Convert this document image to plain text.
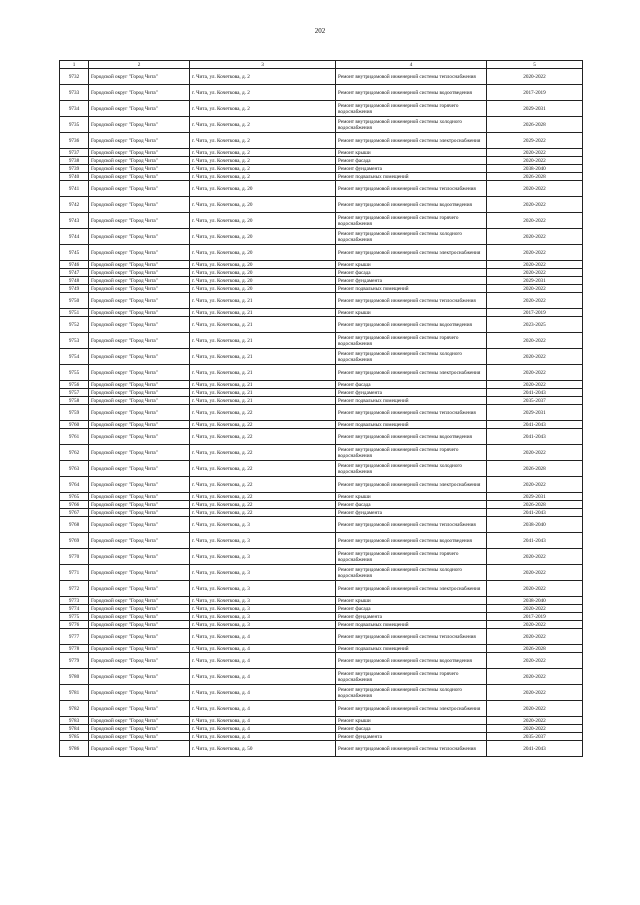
202
1	2	3	4	5
9732	Городской округ "Город Чита"	г. Чита, ул. Кочеткова, д. 2	Ремонт внутридомовой инженерной системы теплоснабжения	2020-2022
9733	Городской округ "Город Чита"	г. Чита, ул. Кочеткова, д. 2	Ремонт внутридомовой инженерной системы водоотведения	2017-2019
9734	Городской округ "Город Чита"	г. Чита, ул. Кочеткова, д. 2	Ремонт внутридомовой инженерной системы горячего водоснабжения	2029-2031
9735	Городской округ "Город Чита"	г. Чита, ул. Кочеткова, д. 2	Ремонт внутридомовой инженерной системы холодного водоснабжения	2026-2028
9736	Городской округ "Город Чита"	г. Чита, ул. Кочеткова, д. 2	Ремонт внутридомовой инженерной системы электроснабжения	2029-2022
9737	Городской округ "Город Чита"	г. Чита, ул. Кочеткова, д. 2	Ремонт крыши	2020-2022
9738	Городской округ "Город Чита"	г. Чита, ул. Кочеткова, д. 2	Ремонт фасада	2020-2022
9739	Городской округ "Город Чита"	г. Чита, ул. Кочеткова, д. 2	Ремонт фундамента	2038-2040
9740	Городской округ "Город Чита"	г. Чита, ул. Кочеткова, д. 2	Ремонт подвальных помещений	2026-2028
9741	Городской округ "Город Чита"	г. Чита, ул. Кочеткова, д. 20	Ремонт внутридомовой инженерной системы теплоснабжения	2020-2022
9742	Городской округ "Город Чита"	г. Чита, ул. Кочеткова, д. 20	Ремонт внутридомовой инженерной системы водоотведения	2020-2022
9743	Городской округ "Город Чита"	г. Чита, ул. Кочеткова, д. 20	Ремонт внутридомовой инженерной системы горячего водоснабжения	2020-2022
9744	Городской округ "Город Чита"	г. Чита, ул. Кочеткова, д. 20	Ремонт внутридомовой инженерной системы холодного водоснабжения	2020-2022
9745	Городской округ "Город Чита"	г. Чита, ул. Кочеткова, д. 20	Ремонт внутридомовой инженерной системы электроснабжения	2020-2022
9746	Городской округ "Город Чита"	г. Чита, ул. Кочеткова, д. 20	Ремонт крыши	2020-2022
9747	Городской округ "Город Чита"	г. Чита, ул. Кочеткова, д. 20	Ремонт фасада	2020-2022
9748	Городской округ "Город Чита"	г. Чита, ул. Кочеткова, д. 20	Ремонт фундамента	2029-2031
9749	Городской округ "Город Чита"	г. Чита, ул. Кочеткова, д. 20	Ремонт подвальных помещений	2020-2022
9750	Городской округ "Город Чита"	г. Чита, ул. Кочеткова, д. 21	Ремонт внутридомовой инженерной системы теплоснабжения	2020-2022
9751	Городской округ "Город Чита"	г. Чита, ул. Кочеткова, д. 21	Ремонт крыши	2017-2019
9752	Городской округ "Город Чита"	г. Чита, ул. Кочеткова, д. 21	Ремонт внутридомовой инженерной системы водоотведения	2023-2025
9753	Городской округ "Город Чита"	г. Чита, ул. Кочеткова, д. 21	Ремонт внутридомовой инженерной системы горячего водоснабжения	2020-2022
9754	Городской округ "Город Чита"	г. Чита, ул. Кочеткова, д. 21	Ремонт внутридомовой инженерной системы холодного водоснабжения	2020-2022
9755	Городской округ "Город Чита"	г. Чита, ул. Кочеткова, д. 21	Ремонт внутридомовой инженерной системы электроснабжения	2020-2022
9756	Городской округ "Город Чита"	г. Чита, ул. Кочеткова, д. 21	Ремонт фасада	2020-2022
9757	Городской округ "Город Чита"	г. Чита, ул. Кочеткова, д. 21	Ремонт фундамента	2041-2043
9758	Городской округ "Город Чита"	г. Чита, ул. Кочеткова, д. 21	Ремонт подвальных помещений	2035-2037
9759	Городской округ "Город Чита"	г. Чита, ул. Кочеткова, д. 22	Ремонт внутридомовой инженерной системы теплоснабжения	2029-2031
9760	Городской округ "Город Чита"	г. Чита, ул. Кочеткова, д. 22	Ремонт подвальных помещений	2041-2043
9761	Городской округ "Город Чита"	г. Чита, ул. Кочеткова, д. 22	Ремонт внутридомовой инженерной системы водоотведения	2041-2043
9762	Городской округ "Город Чита"	г. Чита, ул. Кочеткова, д. 22	Ремонт внутридомовой инженерной системы горячего водоснабжения	2020-2022
9763	Городской округ "Город Чита"	г. Чита, ул. Кочеткова, д. 22	Ремонт внутридомовой инженерной системы холодного водоснабжения	2026-2028
9764	Городской округ "Город Чита"	г. Чита, ул. Кочеткова, д. 22	Ремонт внутридомовой инженерной системы электроснабжения	2020-2022
9765	Городской округ "Город Чита"	г. Чита, ул. Кочеткова, д. 22	Ремонт крыши	2029-2031
9766	Городской округ "Город Чита"	г. Чита, ул. Кочеткова, д. 22	Ремонт фасада	2026-2028
9767	Городской округ "Город Чита"	г. Чита, ул. Кочеткова, д. 22	Ремонт фундамента	2041-2043
9768	Городской округ "Город Чита"	г. Чита, ул. Кочеткова, д. 3	Ремонт внутридомовой инженерной системы теплоснабжения	2038-2040
9769	Городской округ "Город Чита"	г. Чита, ул. Кочеткова, д. 3	Ремонт внутридомовой инженерной системы водоотведения	2041-2043
9770	Городской округ "Город Чита"	г. Чита, ул. Кочеткова, д. 3	Ремонт внутридомовой инженерной системы горячего водоснабжения	2020-2022
9771	Городской округ "Город Чита"	г. Чита, ул. Кочеткова, д. 3	Ремонт внутридомовой инженерной системы холодного водоснабжения	2020-2022
9772	Городской округ "Город Чита"	г. Чита, ул. Кочеткова, д. 3	Ремонт внутридомовой инженерной системы электроснабжения	2020-2022
9773	Городской округ "Город Чита"	г. Чита, ул. Кочеткова, д. 3	Ремонт крыши	2038-2040
9774	Городской округ "Город Чита"	г. Чита, ул. Кочеткова, д. 3	Ремонт фасада	2020-2022
9775	Городской округ "Город Чита"	г. Чита, ул. Кочеткова, д. 3	Ремонт фундамента	2017-2019
9776	Городской округ "Город Чита"	г. Чита, ул. Кочеткова, д. 3	Ремонт подвальных помещений	2020-2022
9777	Городской округ "Город Чита"	г. Чита, ул. Кочеткова, д. 4	Ремонт внутридомовой инженерной системы теплоснабжения	2020-2022
9778	Городской округ "Город Чита"	г. Чита, ул. Кочеткова, д. 4	Ремонт подвальных помещений	2026-2028
9779	Городской округ "Город Чита"	г. Чита, ул. Кочеткова, д. 4	Ремонт внутридомовой инженерной системы водоотведения	2020-2022
9780	Городской округ "Город Чита"	г. Чита, ул. Кочеткова, д. 4	Ремонт внутридомовой инженерной системы горячего водоснабжения	2020-2022
9781	Городской округ "Город Чита"	г. Чита, ул. Кочеткова, д. 4	Ремонт внутридомовой инженерной системы холодного водоснабжения	2020-2022
9782	Городской округ "Город Чита"	г. Чита, ул. Кочеткова, д. 4	Ремонт внутридомовой инженерной системы электроснабжения	2020-2022
9783	Городской округ "Город Чита"	г. Чита, ул. Кочеткова, д. 4	Ремонт крыши	2020-2022
9784	Городской округ "Город Чита"	г. Чита, ул. Кочеткова, д. 4	Ремонт фасада	2020-2022
9785	Городской округ "Город Чита"	г. Чита, ул. Кочеткова, д. 4	Ремонт фундамента	2035-2037
9786	Городской округ "Город Чита"	г. Чита, ул. Кочеткова, д. 50	Ремонт внутридомовой инженерной системы теплоснабжения	2041-2043
